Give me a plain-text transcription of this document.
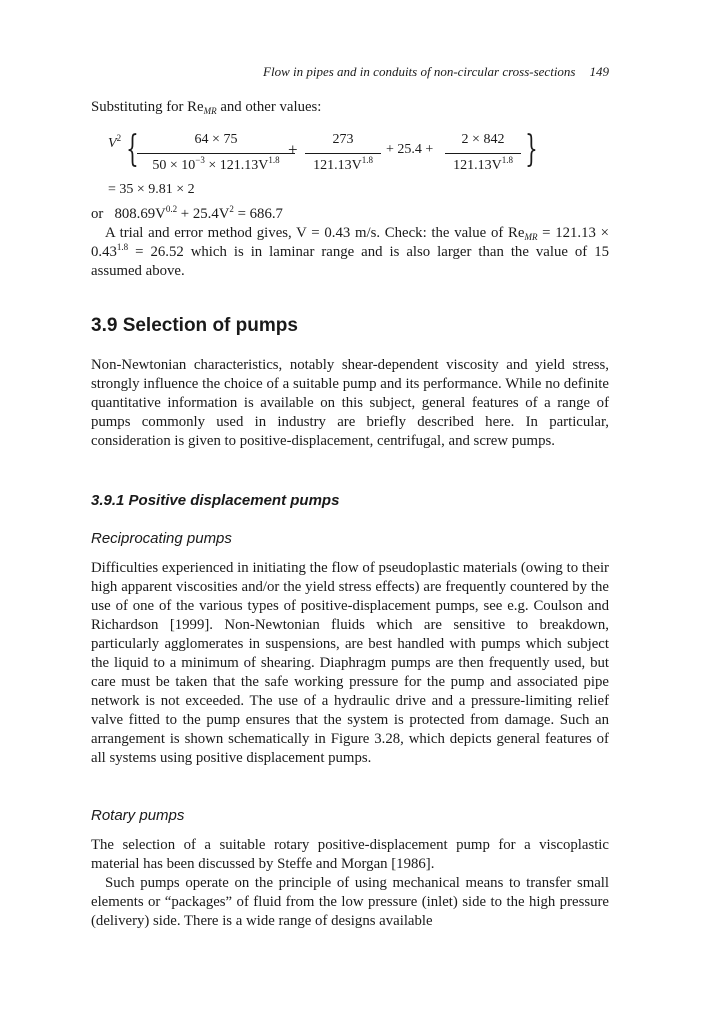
Flow in pipes and in conduits of non-circular cross-sections 149

Substituting for $Re_{MR}$ and other values:

$V^2$ {	64 × 75
$50 \times 10^{-3} \times 121.13V^{1.8}$
+
273
$121.13V^{1.8}$
+ 25.4 +
2 × 842
$121.13V^{1.8}$ }
= 35 × 9.81 × 2

or $808.69V^{0.2} + 25.4V^2 = 686.7$

A trial and error method gives, V = 0.43 m/s. Check: the value of $Re_{MR} = 121.13 \times 0.43^{1.8} = 26.52$ which is in laminar range and is also larger than the value of 15 assumed above.

3.9 Selection of pumps

Non-Newtonian characteristics, notably shear-dependent viscosity and yield stress, strongly influence the choice of a suitable pump and its performance. While no definite quantitative information is available on this subject, general features of a range of pumps commonly used in industry are briefly described here. In particular, consideration is given to positive-displacement, centrifugal, and screw pumps.

3.9.1 Positive displacement pumps
Reciprocating pumps

Difficulties experienced in initiating the flow of pseudoplastic materials (owing to their high apparent viscosities and/or the yield stress effects) are frequently countered by the use of one of the various types of positive-displacement pumps, see e.g. Coulson and Richardson [1999]. Non-Newtonian fluids which are sensitive to breakdown, particularly agglomerates in suspensions, are best handled with pumps which subject the liquid to a minimum of shearing. Diaphragm pumps are then frequently used, but care must be taken that the safe working pressure for the pump and associated pipe network is not exceeded. The use of a hydraulic drive and a pressure-limiting relief valve fitted to the pump ensures that the system is protected from damage. Such an arrangement is shown schematically in Figure 3.28, which depicts general features of all systems using positive displacement pumps.

Rotary pumps

The selection of a suitable rotary positive-displacement pump for a viscoplastic material has been discussed by Steffe and Morgan [1986].

Such pumps operate on the principle of using mechanical means to transfer small elements or “packages” of fluid from the low pressure (inlet) side to the high pressure (delivery) side. There is a wide range of designs available
